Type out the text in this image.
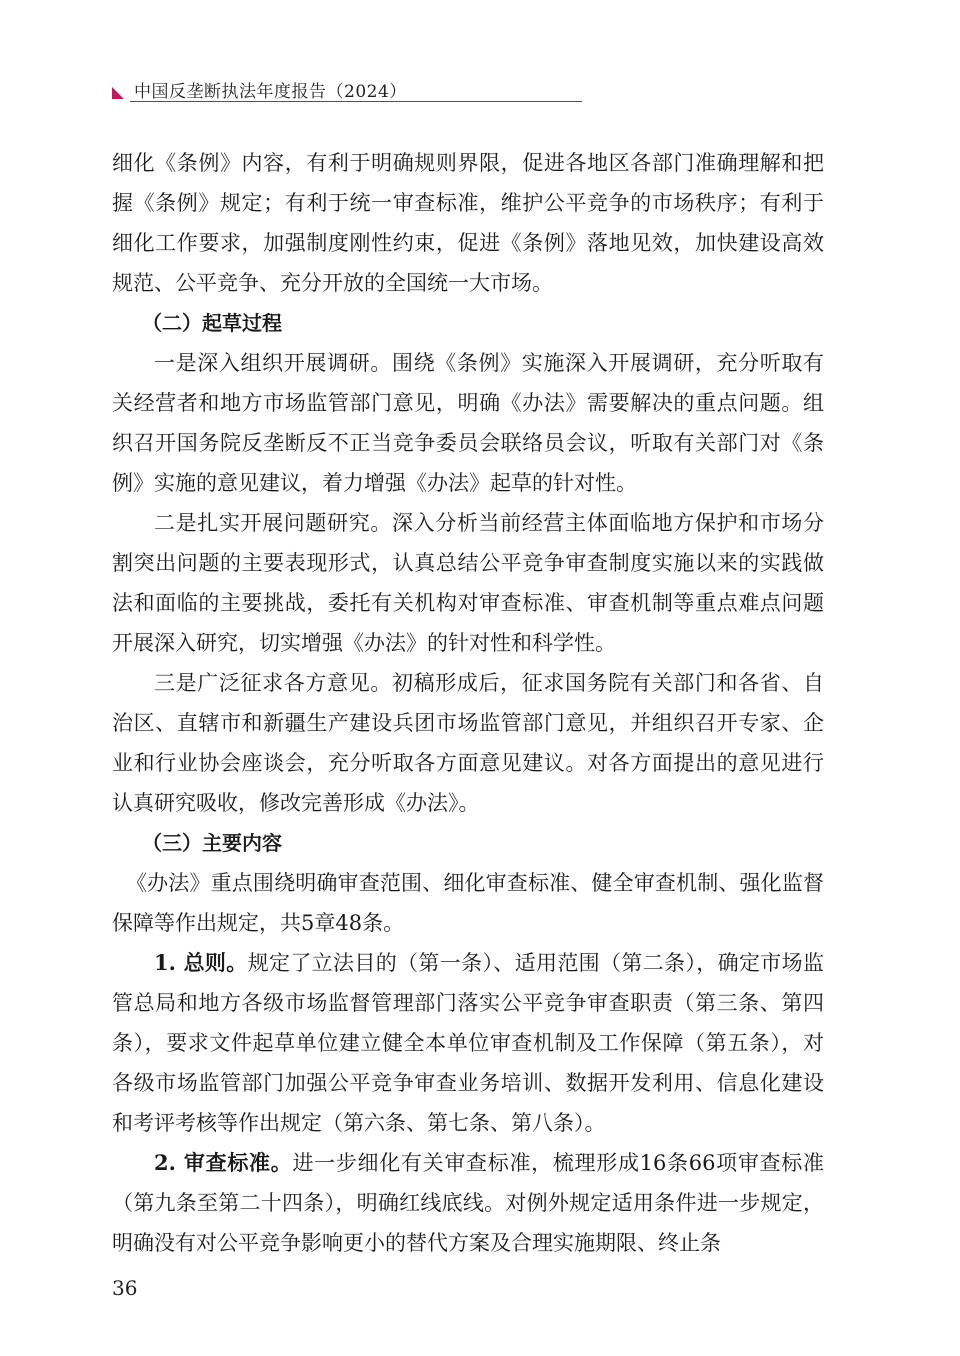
中国反垄断执法年度报告（2024）

细化《条例》内容，有利于明确规则界限，促进各地区各部门准确理解和把握《条例》规定；有利于统一审查标准，维护公平竞争的市场秩序；有利于细化工作要求，加强制度刚性约束，促进《条例》落地见效，加快建设高效规范、公平竞争、充分开放的全国统一大市场。

（二）起草过程

一是深入组织开展调研。围绕《条例》实施深入开展调研，充分听取有关经营者和地方市场监管部门意见，明确《办法》需要解决的重点问题。组织召开国务院反垄断反不正当竞争委员会联络员会议，听取有关部门对《条例》实施的意见建议，着力增强《办法》起草的针对性。

二是扎实开展问题研究。深入分析当前经营主体面临地方保护和市场分割突出问题的主要表现形式，认真总结公平竞争审查制度实施以来的实践做法和面临的主要挑战，委托有关机构对审查标准、审查机制等重点难点问题开展深入研究，切实增强《办法》的针对性和科学性。

三是广泛征求各方意见。初稿形成后，征求国务院有关部门和各省、自治区、直辖市和新疆生产建设兵团市场监管部门意见，并组织召开专家、企业和行业协会座谈会，充分听取各方面意见建议。对各方面提出的意见进行认真研究吸收，修改完善形成《办法》。

（三）主要内容

《办法》重点围绕明确审查范围、细化审查标准、健全审查机制、强化监督保障等作出规定，共5章48条。

1. 总则。规定了立法目的（第一条）、适用范围（第二条），确定市场监管总局和地方各级市场监督管理部门落实公平竞争审查职责（第三条、第四条），要求文件起草单位建立健全本单位审查机制及工作保障（第五条），对各级市场监管部门加强公平竞争审查业务培训、数据开发利用、信息化建设和考评考核等作出规定（第六条、第七条、第八条）。

2. 审查标准。进一步细化有关审查标准，梳理形成16条66项审查标准（第九条至第二十四条），明确红线底线。对例外规定适用条件进一步规定，明确没有对公平竞争影响更小的替代方案及合理实施期限、终止条

36
